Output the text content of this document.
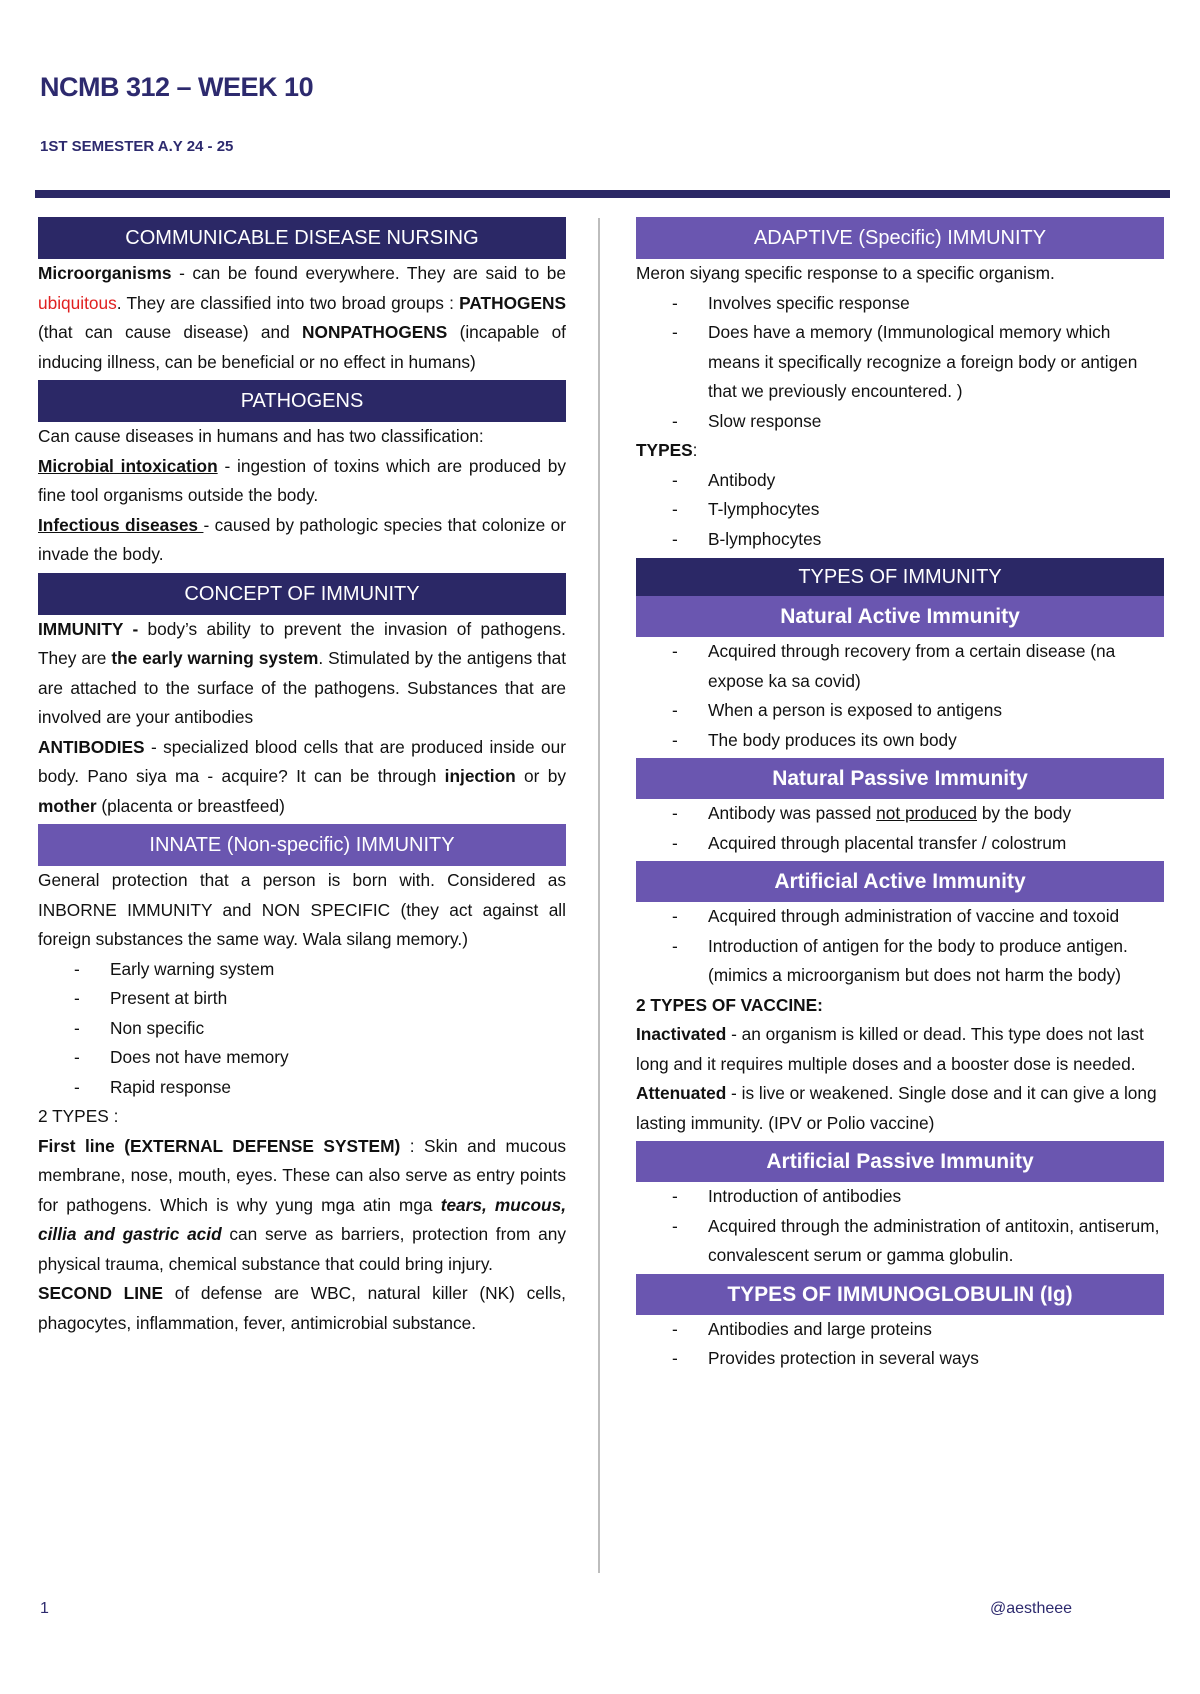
NCMB 312 – WEEK 10
1ST SEMESTER A.Y 24 - 25
COMMUNICABLE DISEASE NURSING

Microorganisms - can be found everywhere. They are said to be ubiquitous. They are classified into two broad groups : PATHOGENS (that can cause disease) and NONPATHOGENS (incapable of inducing illness, can be beneficial or no effect in humans)

PATHOGENS

Can cause diseases in humans and has two classification:

Microbial intoxication - ingestion of toxins which are produced by fine tool organisms outside the body.

Infectious diseases - caused by pathologic species that colonize or invade the body.

CONCEPT OF IMMUNITY

IMMUNITY - body’s ability to prevent the invasion of pathogens. They are the early warning system. Stimulated by the antigens that are attached to the surface of the pathogens. Substances that are involved are your antibodies

ANTIBODIES - specialized blood cells that are produced inside our body. Pano siya ma - acquire? It can be through injection or by mother (placenta or breastfeed)

INNATE (Non-specific) IMMUNITY

General protection that a person is born with. Considered as INBORNE IMMUNITY and NON SPECIFIC (they act against all foreign substances the same way. Wala silang memory.)

- Early warning system
- Present at birth
- Non specific
- Does not have memory
- Rapid response

2 TYPES :

First line (EXTERNAL DEFENSE SYSTEM) : Skin and mucous membrane, nose, mouth, eyes. These can also serve as entry points for pathogens. Which is why yung mga atin mga tears, mucous, cillia and gastric acid can serve as barriers, protection from any physical trauma, chemical substance that could bring injury.

SECOND LINE of defense are WBC, natural killer (NK) cells, phagocytes, inflammation, fever, antimicrobial substance.

ADAPTIVE (Specific) IMMUNITY

Meron siyang specific response to a specific organism.

- Involves specific response
- Does have a memory (Immunological memory which means it specifically recognize a foreign body or antigen that we previously encountered. )
- Slow response

TYPES:

- Antibody
- T-lymphocytes
- B-lymphocytes
TYPES OF IMMUNITY
Natural Active Immunity
- Acquired through recovery from a certain disease (na expose ka sa covid)
- When a person is exposed to antigens
- The body produces its own body
Natural Passive Immunity
- Antibody was passed not produced by the body
- Acquired through placental transfer / colostrum
Artificial Active Immunity
- Acquired through administration of vaccine and toxoid
- Introduction of antigen for the body to produce antigen. (mimics a microorganism but does not harm the body)

2 TYPES OF VACCINE:

Inactivated - an organism is killed or dead. This type does not last long and it requires multiple doses and a booster dose is needed.

Attenuated - is live or weakened. Single dose and it can give a long lasting immunity. (IPV or Polio vaccine)

Artificial Passive Immunity
- Introduction of antibodies
- Acquired through the administration of antitoxin, antiserum, convalescent serum or gamma globulin.
TYPES OF IMMUNOGLOBULIN (Ig)
- Antibodies and large proteins
- Provides protection in several ways
1	@aestheee
